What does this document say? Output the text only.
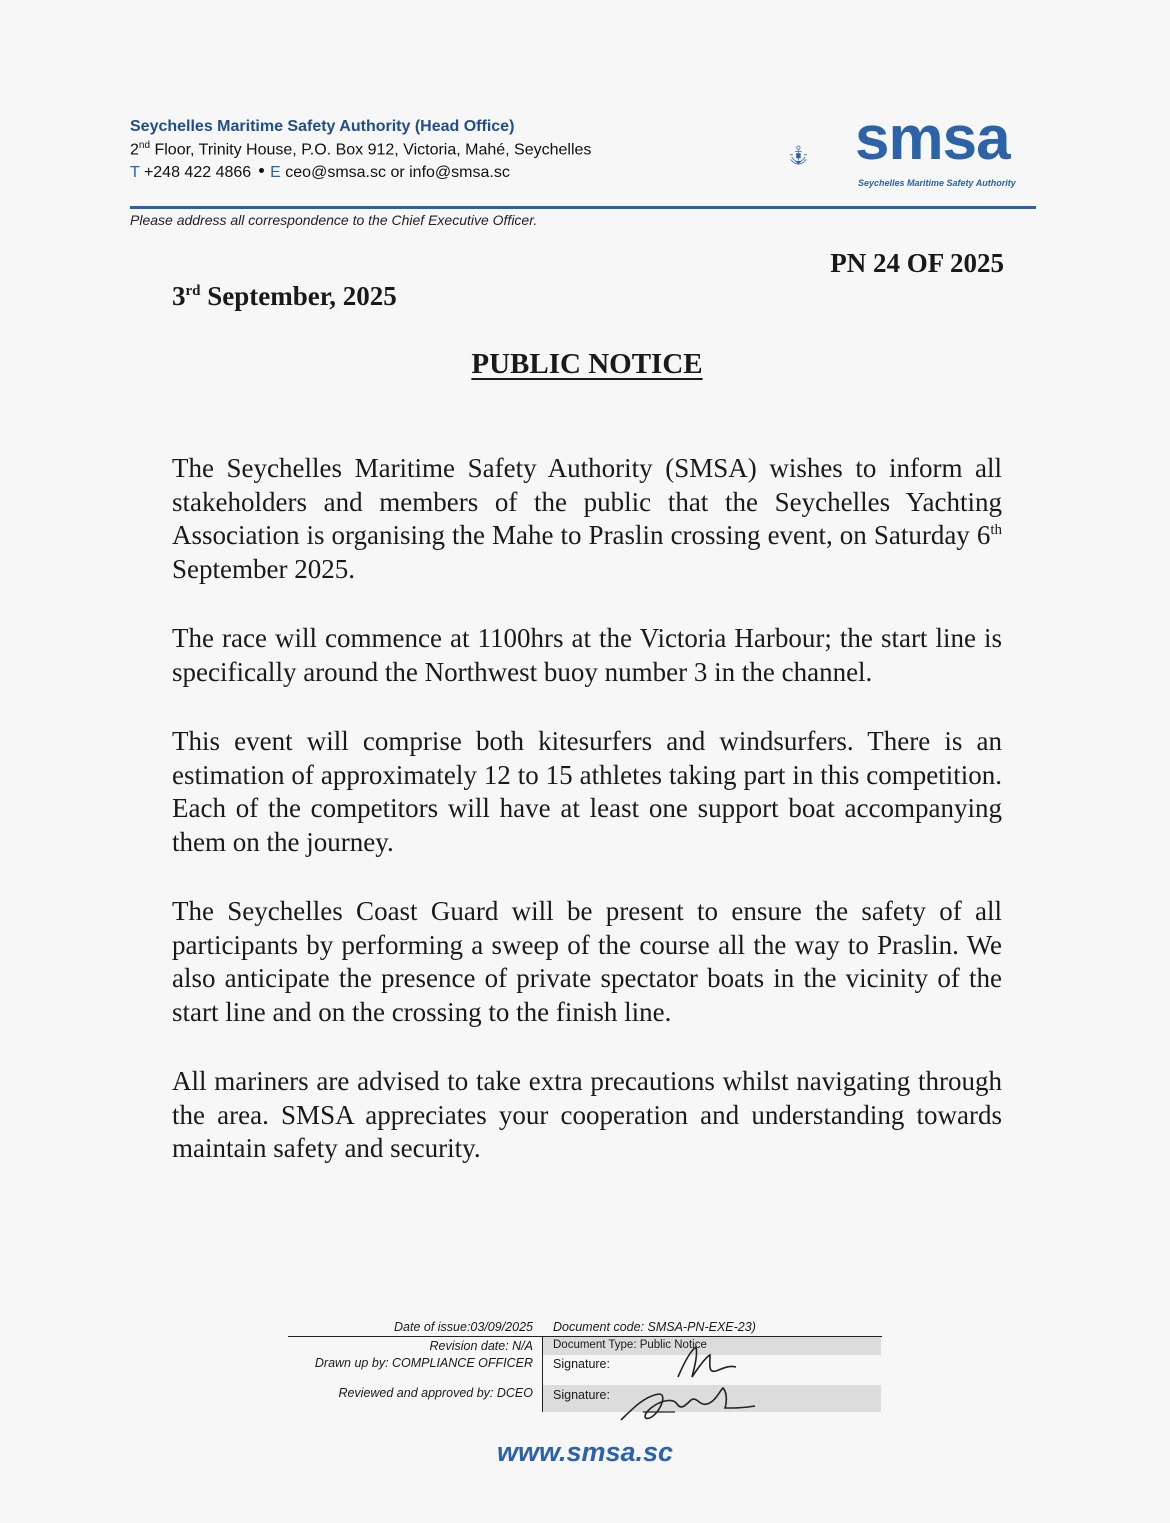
Seychelles Maritime Safety Authority (Head Office)
2nd Floor, Trinity House, P.O. Box 912, Victoria, Mahé, Seychelles
T +248 422 4866 E ceo@smsa.sc or info@smsa.sc
Please address all correspondence to the Chief Executive Officer.
smsa
Seychelles Maritime Safety Authority
PN 24 OF 2025
3rd September, 2025
PUBLIC NOTICE

The Seychelles Maritime Safety Authority (SMSA) wishes to inform all stakeholders and members of the public that the Seychelles Yachting Association is organising the Mahe to Praslin crossing event, on Saturday 6th September 2025.

The race will commence at 1100hrs at the Victoria Harbour; the start line is specifically around the Northwest buoy number 3 in the channel.

This event will comprise both kitesurfers and windsurfers. There is an estimation of approximately 12 to 15 athletes taking part in this competition. Each of the competitors will have at least one support boat accompanying them on the journey.

The Seychelles Coast Guard will be present to ensure the safety of all participants by performing a sweep of the course all the way to Praslin. We also anticipate the presence of private spectator boats in the vicinity of the start line and on the crossing to the finish line.

All mariners are advised to take extra precautions whilst navigating through the area. SMSA appreciates your cooperation and understanding towards maintain safety and security.

Date of issue:03/09/2025 Document code: SMSA-PN-EXE-23)
Revision date: N/A Document Type: Public Notice
Drawn up by: COMPLIANCE OFFICER Signature:
Reviewed and approved by: DCEO Signature:
www.smsa.sc
